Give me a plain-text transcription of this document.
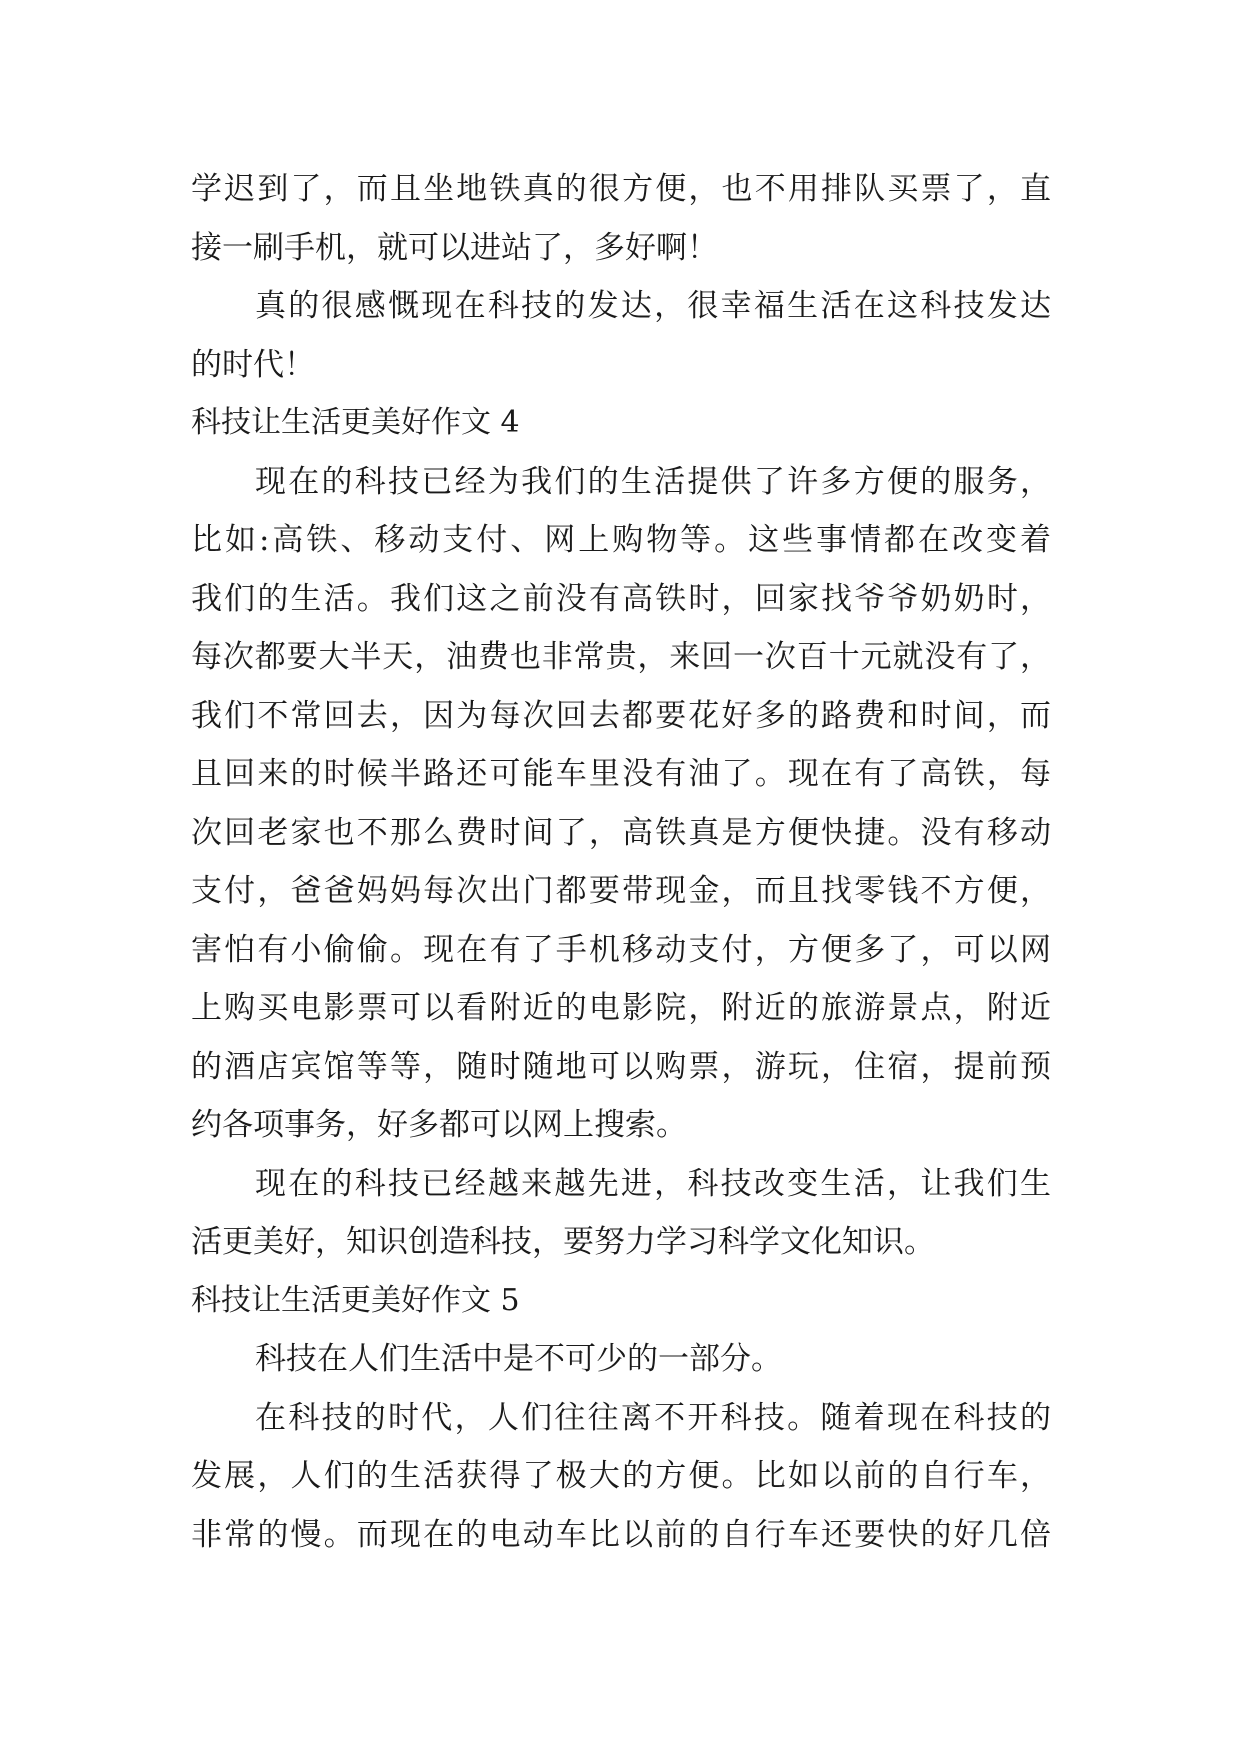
学迟到了，而且坐地铁真的很方便，也不用排队买票了，直
接一刷手机，就可以进站了，多好啊！
真的很感慨现在科技的发达，很幸福生活在这科技发达
的时代！
科技让生活更美好作文 4
现在的科技已经为我们的生活提供了许多方便的服务，
比如:高铁、移动支付、网上购物等。这些事情都在改变着
我们的生活。我们这之前没有高铁时，回家找爷爷奶奶时，
每次都要大半天，油费也非常贵，来回一次百十元就没有了，
我们不常回去，因为每次回去都要花好多的路费和时间，而
且回来的时候半路还可能车里没有油了。现在有了高铁，每
次回老家也不那么费时间了，高铁真是方便快捷。没有移动
支付，爸爸妈妈每次出门都要带现金，而且找零钱不方便，
害怕有小偷偷。现在有了手机移动支付，方便多了，可以网
上购买电影票可以看附近的电影院，附近的旅游景点，附近
的酒店宾馆等等，随时随地可以购票，游玩，住宿，提前预
约各项事务，好多都可以网上搜索。
现在的科技已经越来越先进，科技改变生活，让我们生
活更美好，知识创造科技，要努力学习科学文化知识。
科技让生活更美好作文 5
科技在人们生活中是不可少的一部分。
在科技的时代，人们往往离不开科技。随着现在科技的
发展，人们的生活获得了极大的方便。比如以前的自行车，
非常的慢。而现在的电动车比以前的自行车还要快的好几倍
